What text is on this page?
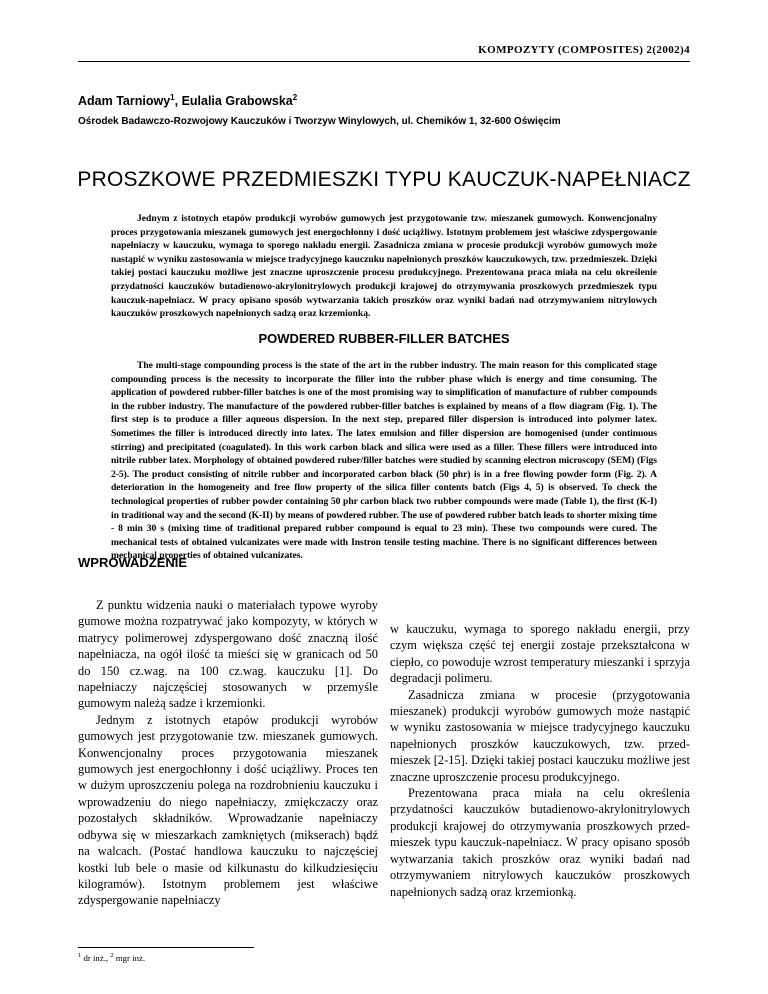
KOMPOZYTY (COMPOSITES) 2(2002)4
Adam Tarniowy$^1$, Eulalia Grabowska$^2$
Ośrodek Badawczo-Rozwojowy Kauczuków i Tworzyw Winylowych, ul. Chemików 1, 32-600 Oświęcim
PROSZKOWE PRZEDMIESZKI TYPU KAUCZUK-NAPEŁNIACZ
Jednym z istotnych etapów produkcji wyrobów gumowych jest przygotowanie tzw. mieszanek gumowych. Konwencjonalny proces przygotowania mieszanek gumowych jest energochłonny i dość uciążliwy. Istotnym problemem jest właściwe zdyspergowanie napełniaczy w kauczuku, wymaga to sporego nakładu energii. Zasadnicza zmiana w procesie produkcji wyrobów gumowych może nastąpić w wyniku zastosowania w miejsce tradycyjnego kauczuku napełnionych proszków kauczukowych, tzw. przedmieszek. Dzięki takiej postaci kauczuku możliwe jest znaczne uproszczenie procesu produkcyjnego. Prezentowana praca miała na celu określenie przydatności kauczuków butadienowo-akrylonitrylowych produkcji krajowej do otrzymywania proszkowych przedmieszek typu kauczuk-napełniacz. W pracy opisano sposób wytwarzania takich proszków oraz wyniki badań nad otrzymywaniem nitrylowych kauczuków proszkowych napełnionych sadzą oraz krzemionką.
POWDERED RUBBER-FILLER BATCHES
The multi-stage compounding process is the state of the art in the rubber industry. The main reason for this complicated stage compounding process is the necessity to incorporate the filler into the rubber phase which is energy and time consuming. The application of powdered rubber-filler batches is one of the most promising way to simplification of manufacture of rubber compounds in the rubber industry. The manufacture of the powdered rubber-filler batches is explained by means of a flow diagram (Fig. 1). The first step is to produce a filler aqueous dispersion. In the next step, prepared filler dispersion is introduced into polymer latex. Sometimes the filler is introduced directly into latex. The latex emulsion and filler dispersion are homogenised (under continuous stirring) and precipitated (coagulated). In this work carbon black and silica were used as a filler. These fillers were introduced into nitrile rubber latex. Morphology of obtained powdered ruber/filler batches were studied by scanning electron microscopy (SEM) (Figs 2-5). The product consisting of nitrile rubber and incorporated carbon black (50 phr) is in a free flowing powder form (Fig. 2). A deterioration in the homogeneity and free flow property of the silica filler contents batch (Figs 4, 5) is observed. To check the technological properties of rubber powder containing 50 phr carbon black two rubber compounds were made (Table 1), the first (K-I) in traditional way and the second (K-II) by means of powdered rubber. The use of powdered rubber batch leads to shorter mixing time - 8 min 30 s (mixing time of traditional prepared rubber compound is equal to 23 min). These two compounds were cured. The mechanical tests of obtained vulcanizates were made with Instron tensile testing machine. There is no significant differences between mechanical properties of obtained vulcanizates.
WPROWADZENIE

Z punktu widzenia nauki o materiałach typowe wyroby gumowe można rozpatrywać jako kompozyty, w których w matrycy polimerowej zdyspergowano dość znaczną ilość napełniacza, na ogół ilość ta mieści się w granicach od 50 do 150 cz.wag. na 100 cz.wag. kauczuku [1]. Do napełniaczy najczęściej stosowanych w przemyśle gumowym należą sadze i krzemionki.

Jednym z istotnych etapów produkcji wyrobów gumowych jest przygotowanie tzw. mieszanek gumowych. Konwencjonalny proces przygotowania mieszanek gumowych jest energochłonny i dość uciążliwy. Proces ten w dużym uproszczeniu polega na rozdrobnieniu kauczuku i wprowadzeniu do niego napełniaczy, zmiękczaczy oraz pozostałych składników. Wprowadzanie napełniaczy odbywa się w mieszarkach zamkniętych (mikserach) bądź na walcach. (Postać handlowa kauczuku to najczęściej kostki lub bele o masie od kilkunastu do kilkudziesięciu kilogramów). Istotnym problemem jest właściwe zdyspergowanie napełniaczy

w kauczuku, wymaga to sporego nakładu energii, przy czym większa część tej energii zostaje przekształcona w ciepło, co powoduje wzrost temperatury mieszanki i sprzyja degradacji polimeru.

Zasadnicza zmiana w procesie (przygotowania mieszanek) produkcji wyrobów gumowych może nastąpić w wyniku zastosowania w miejsce tradycyjnego kauczuku napełnionych proszków kauczukowych, tzw. przed- mieszek [2-15]. Dzięki takiej postaci kauczuku możliwe jest znaczne uproszczenie procesu produkcyjnego.

Prezentowana praca miała na celu określenia przydatności kauczuków butadienowo-akrylonitrylowych produkcji krajowej do otrzymywania proszkowych przed- mieszek typu kauczuk-napełniacz. W pracy opisano sposób wytwarzania takich proszków oraz wyniki badań nad otrzymywaniem nitrylowych kauczuków proszkowych napełnionych sadzą oraz krzemionką.

$^1$ dr inż., $^2$ mgr inż.
